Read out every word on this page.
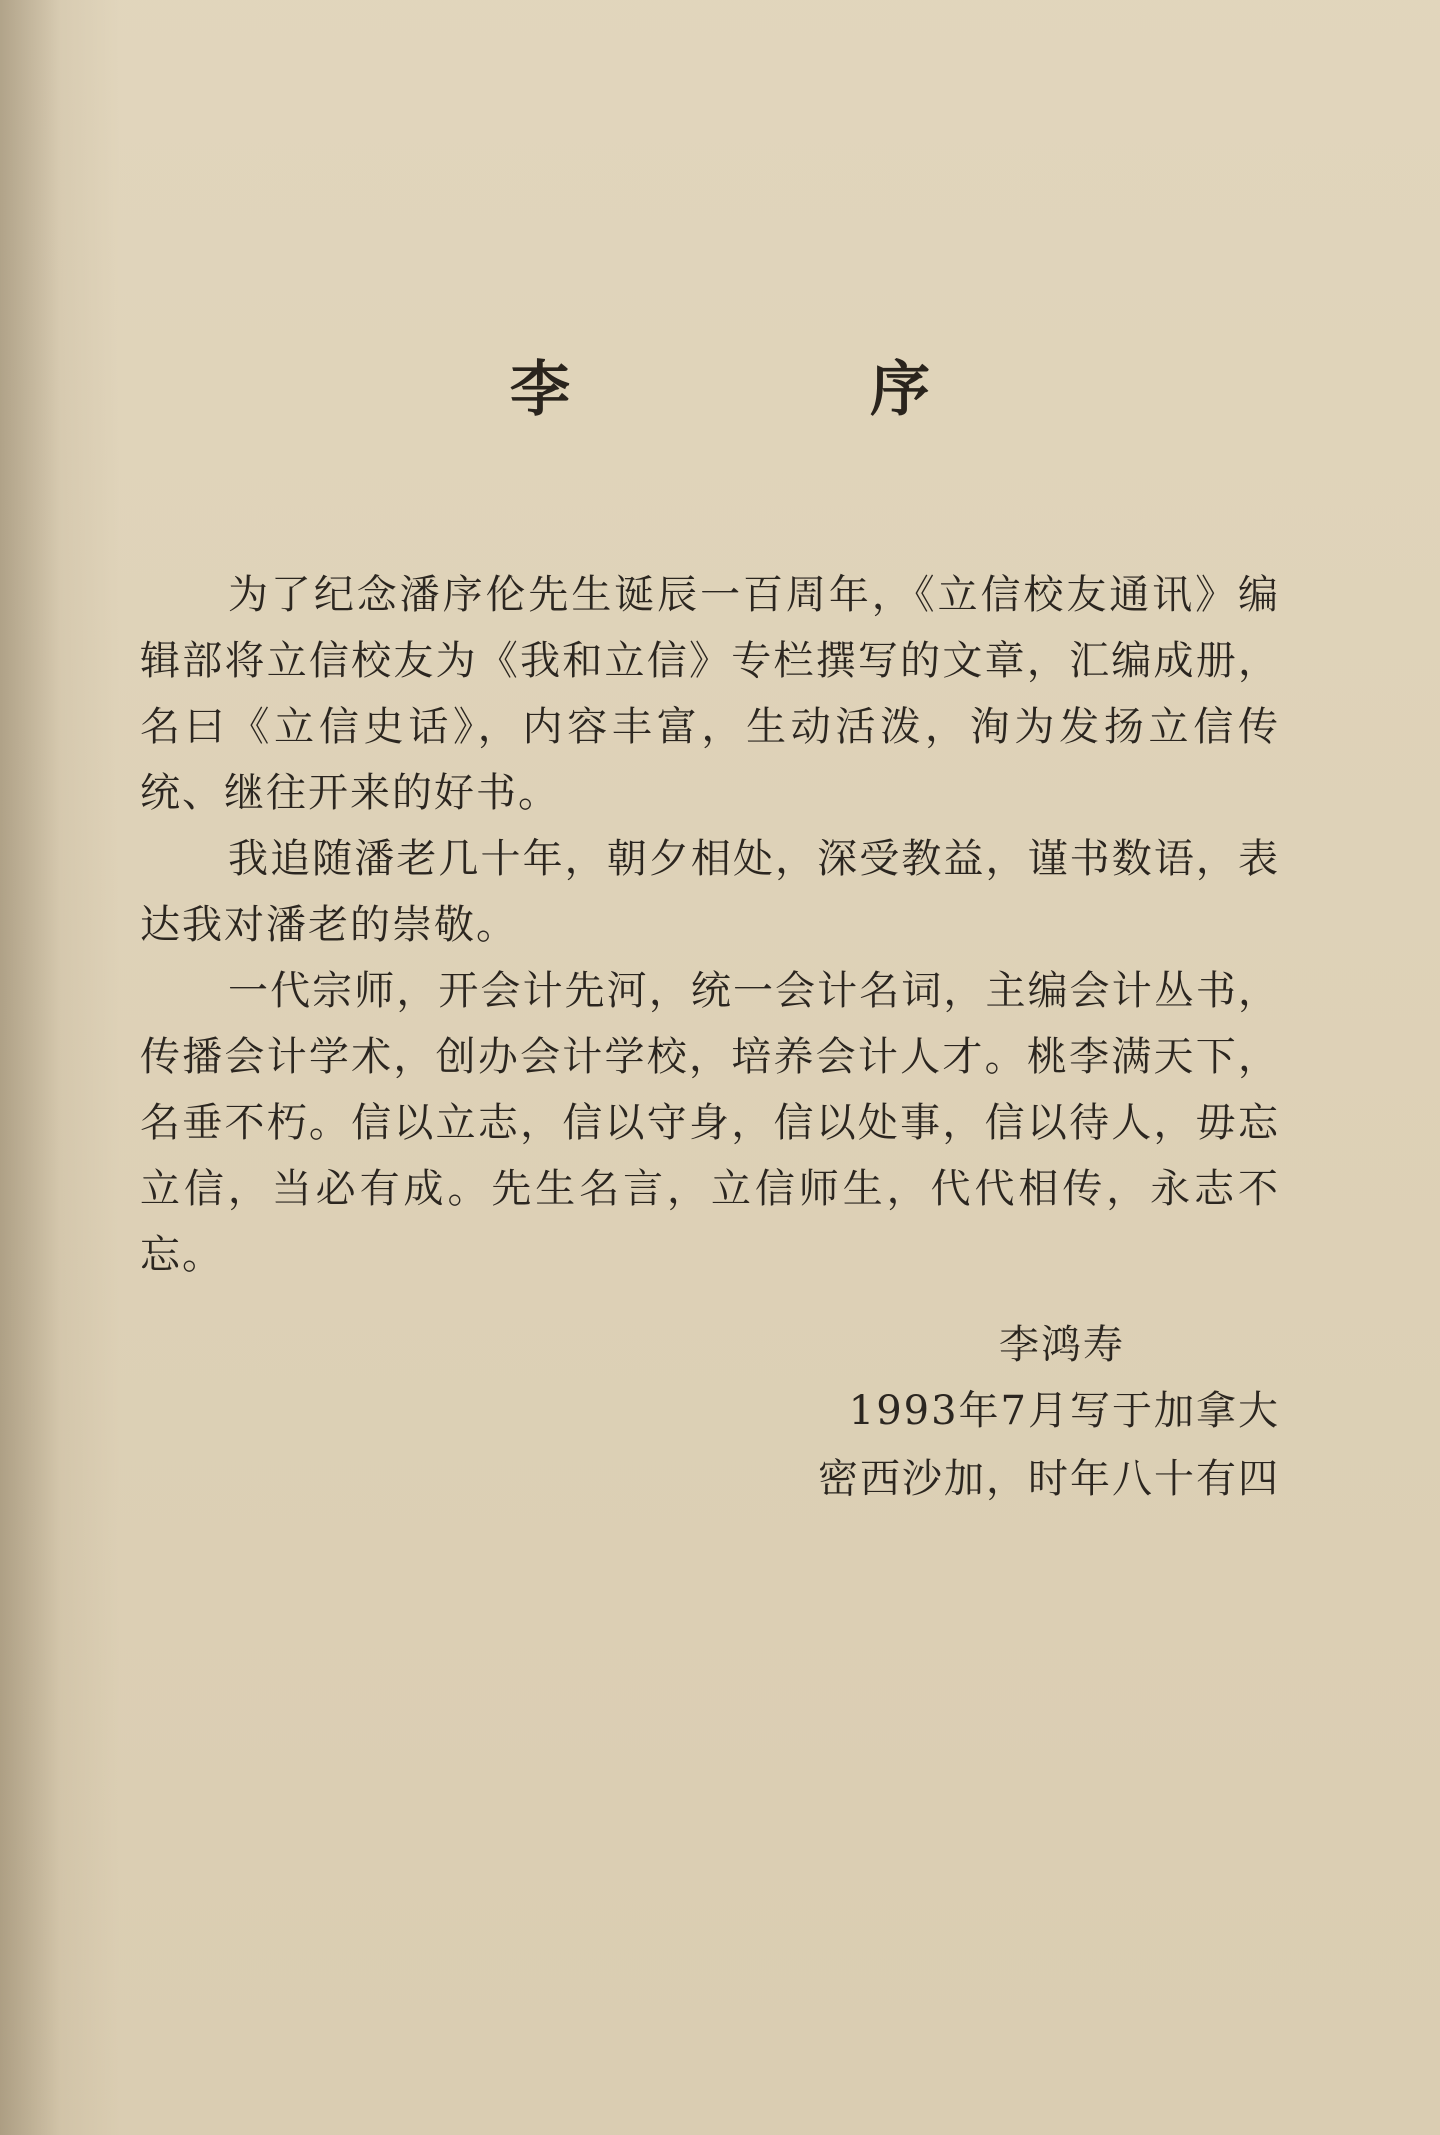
李　序

为了纪念潘序伦先生诞辰一百周年，《立信校友通讯》编辑部将立信校友为《我和立信》专栏撰写的文章，汇编成册，名曰《立信史话》，内容丰富，生动活泼，洵为发扬立信传统、继往开来的好书。

我追随潘老几十年，朝夕相处，深受教益，谨书数语，表达我对潘老的崇敬。

一代宗师，开会计先河，统一会计名词，主编会计丛书，传播会计学术，创办会计学校，培养会计人才。桃李满天下，名垂不朽。信以立志，信以守身，信以处事，信以待人，毋忘立信，当必有成。先生名言，立信师生，代代相传，永志不忘。

李鸿寿
1993年7月写于加拿大
密西沙加，时年八十有四
